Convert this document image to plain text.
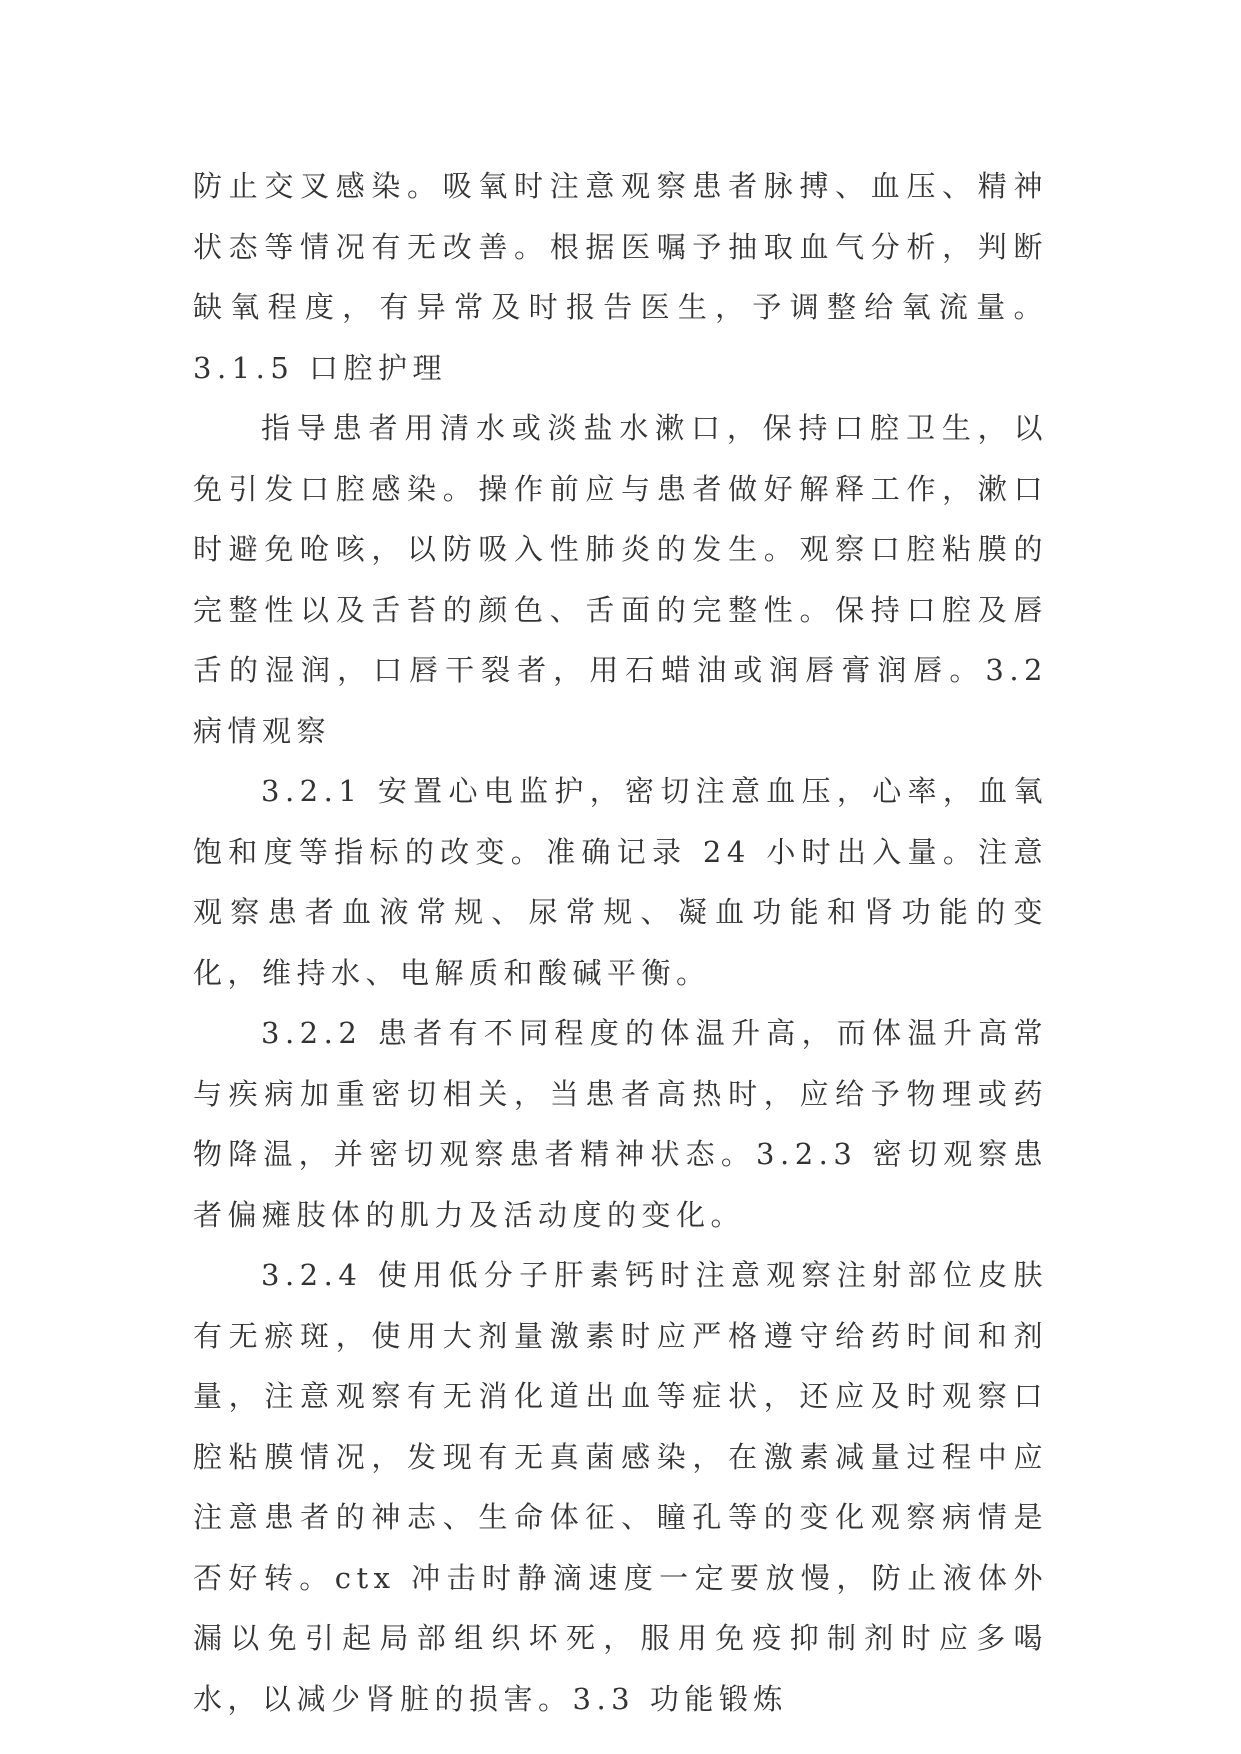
防止交叉感染。吸氧时注意观察患者脉搏、血压、精神状态等情况有无改善。根据医嘱予抽取血气分析，判断缺氧程度，有异常及时报告医生，予调整给氧流量。3.1.5 口腔护理

指导患者用清水或淡盐水漱口，保持口腔卫生，以免引发口腔感染。操作前应与患者做好解释工作，漱口时避免呛咳，以防吸入性肺炎的发生。观察口腔粘膜的完整性以及舌苔的颜色、舌面的完整性。保持口腔及唇舌的湿润，口唇干裂者，用石蜡油或润唇膏润唇。3.2 病情观察

3.2.1 安置心电监护，密切注意血压，心率，血氧饱和度等指标的改变。准确记录 24 小时出入量。注意观察患者血液常规、尿常规、凝血功能和肾功能的变化，维持水、电解质和酸碱平衡。

3.2.2 患者有不同程度的体温升高，而体温升高常与疾病加重密切相关，当患者高热时，应给予物理或药物降温，并密切观察患者精神状态。3.2.3 密切观察患者偏瘫肢体的肌力及活动度的变化。

3.2.4 使用低分子肝素钙时注意观察注射部位皮肤有无瘀斑，使用大剂量激素时应严格遵守给药时间和剂量，注意观察有无消化道出血等症状，还应及时观察口腔粘膜情况，发现有无真菌感染，在激素减量过程中应注意患者的神志、生命体征、瞳孔等的变化观察病情是否好转。ctx 冲击时静滴速度一定要放慢，防止液体外漏以免引起局部组织坏死，服用免疫抑制剂时应多喝水，以减少肾脏的损害。3.3 功能锻炼
